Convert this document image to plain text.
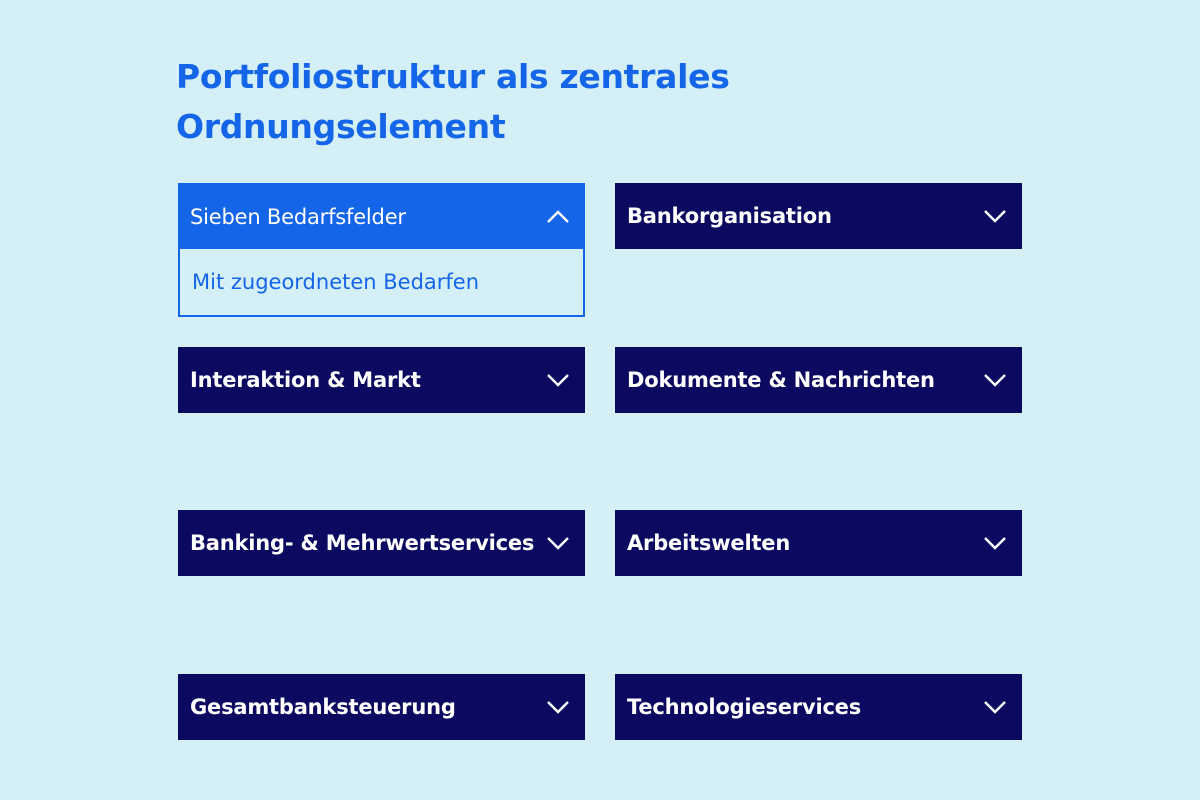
Portfoliostruktur als zentrales Ordnungselement
Sieben Bedarfsfelder
Mit zugeordneten Bedarfen
Bankorganisation
Interaktion & Markt	Dokumente & Nachrichten
Banking- & Mehrwertservices	Arbeitswelten
Gesamtbanksteuerung	Technologieservices
